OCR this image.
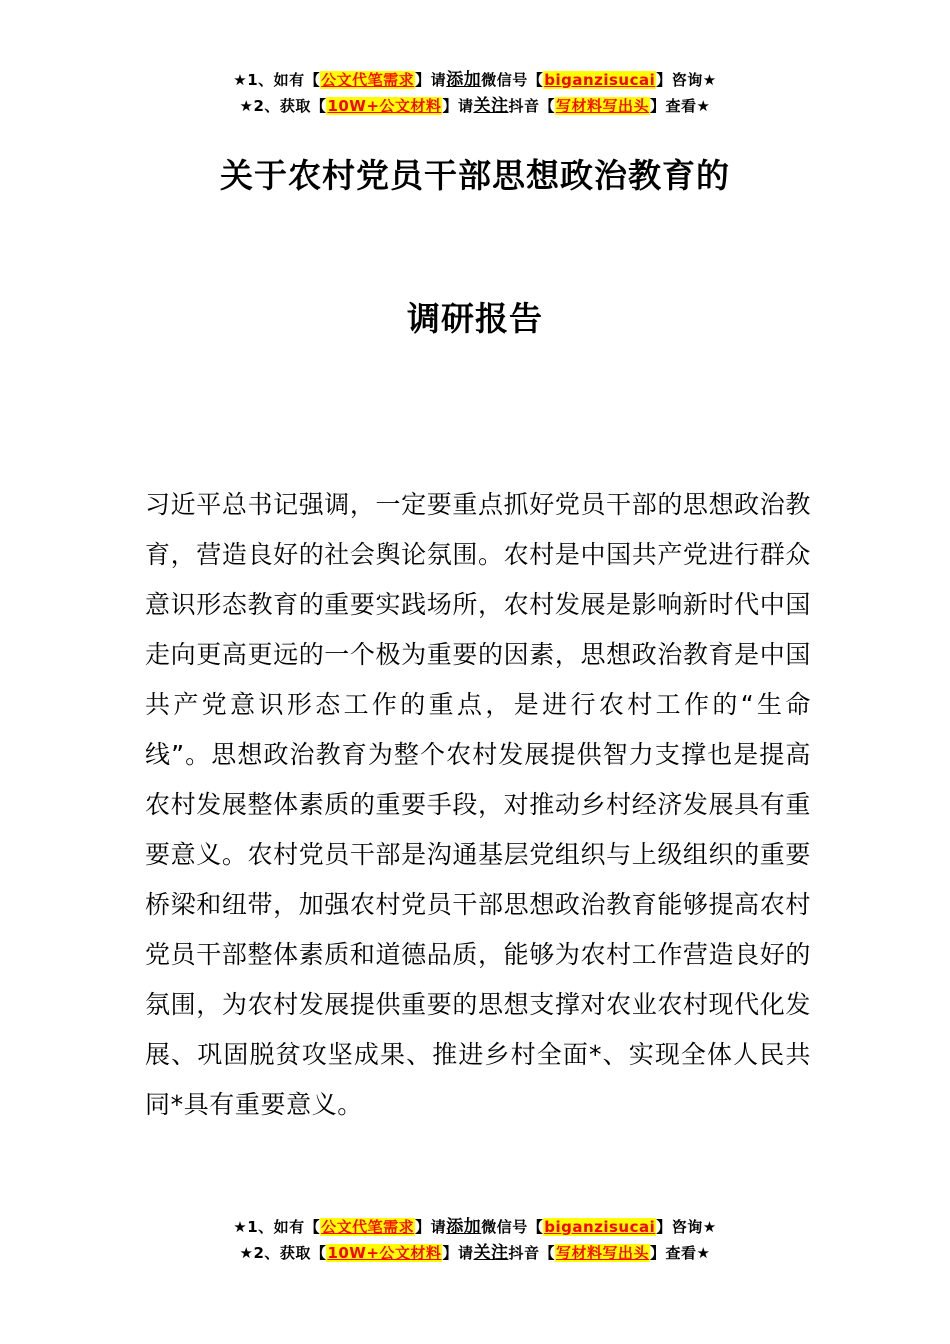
★1、如有【公文代笔需求】请添加微信号【biganzisucai】咨询★
★2、获取【10W+公文材料】请关注抖音【写材料写出头】查看★
关于农村党员干部思想政治教育的
调研报告
习近平总书记强调，一定要重点抓好党员干部的思想政治教育，营造良好的社会舆论氛围。农村是中国共产党进行群众意识形态教育的重要实践场所，农村发展是影响新时代中国走向更高更远的一个极为重要的因素，思想政治教育是中国共产党意识形态工作的重点，是进行农村工作的“生命线”。思想政治教育为整个农村发展提供智力支撑也是提高农村发展整体素质的重要手段，对推动乡村经济发展具有重要意义。农村党员干部是沟通基层党组织与上级组织的重要桥梁和纽带，加强农村党员干部思想政治教育能够提高农村党员干部整体素质和道德品质，能够为农村工作营造良好的氛围，为农村发展提供重要的思想支撑对农业农村现代化发展、巩固脱贫攻坚成果、推进乡村全面*、实现全体人民共同*具有重要意义。
★1、如有【公文代笔需求】请添加微信号【biganzisucai】咨询★
★2、获取【10W+公文材料】请关注抖音【写材料写出头】查看★
